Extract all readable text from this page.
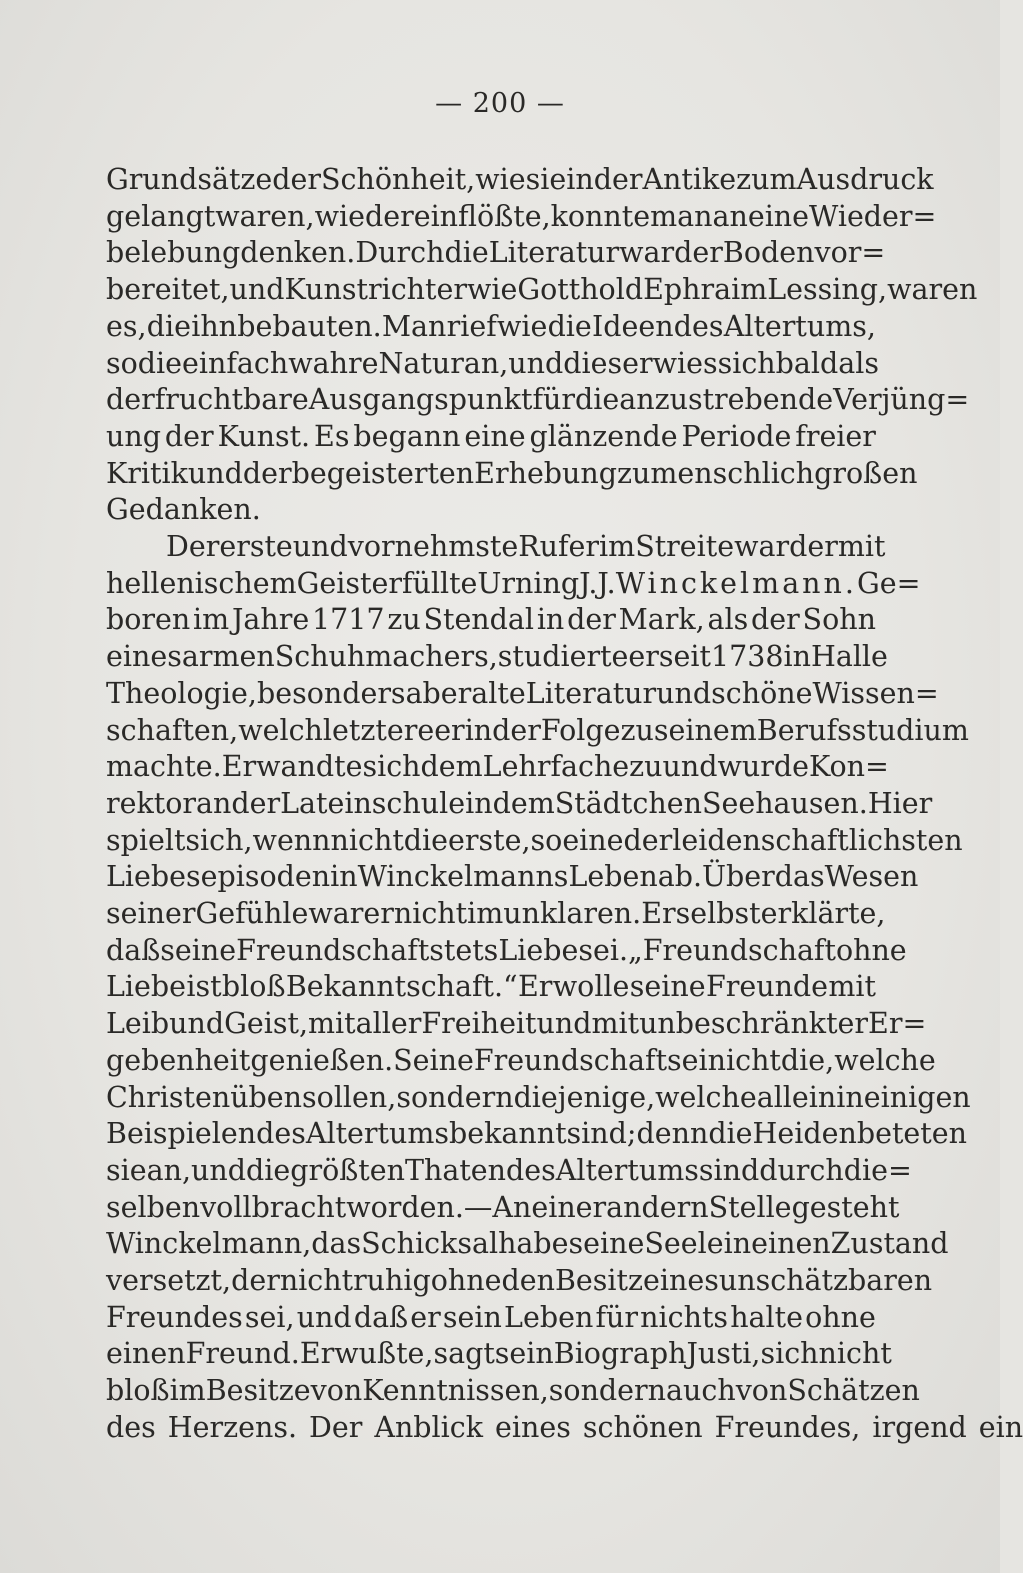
— 200 —
Grundsätze der Schönheit, wie sie in der Antike zum Ausdruck
gelangt waren, wieder einflößte, konnte man an eine Wieder=
belebung denken. Durch die Literatur war der Boden vor=
bereitet, und Kunstrichter wie Gotthold Ephraim Lessing, waren
es, die ihn bebauten. Man rief wie die Ideen des Altertums,
so die einfach wahre Natur an, und dies erwies sich bald als
der fruchtbare Ausgangspunkt für die anzustrebende Verjüng=
ung der Kunst. Es begann eine glänzende Periode freier
Kritik und der begeisterten Erhebung zu menschlich großen
Gedanken.
Der erste und vornehmste Rufer im Streite war der mit
hellenischem Geist erfüllte Urning J. J. Winckelmann. Ge=
boren im Jahre 1717 zu Stendal in der Mark, als der Sohn
eines armen Schuhmachers, studierte er seit 1738 in Halle
Theologie, besonders aber alte Literatur und schöne Wissen=
schaften, welch letztere er in der Folge zu seinem Berufsstudium
machte. Er wandte sich dem Lehrfache zu und wurde Kon=
rektor an der Lateinschule in dem Städtchen Seehausen. Hier
spielt sich, wenn nicht die erste, so eine der leidenschaftlichsten
Liebesepisoden in Winckelmanns Leben ab. Über das Wesen
seiner Gefühle war er nicht im unklaren. Er selbst erklärte,
daß seine Freundschaft stets Liebe sei. „Freundschaft ohne
Liebe ist bloß Bekanntschaft.“ Er wolle seine Freunde mit
Leib und Geist, mit aller Freiheit und mit unbeschränkter Er=
gebenheit genießen. Seine Freundschaft sei nicht die, welche
Christen üben sollen, sondern diejenige, welche allein in einigen
Beispielen des Altertums bekannt sind; denn die Heiden beteten
sie an, und die größten Thaten des Altertums sind durch die=
selben vollbracht worden. — An einer andern Stelle gesteht
Winckelmann, das Schicksal habe seine Seele in einen Zustand
versetzt, der nicht ruhig ohne den Besitz eines unschätzbaren
Freundes sei, und daß er sein Leben für nichts halte ohne
einen Freund. Er wußte, sagt sein Biograph Justi, sich nicht
bloß im Besitze von Kenntnissen, sondern auch von Schätzen
des Herzens. Der Anblick eines schönen Freundes, irgend ein
